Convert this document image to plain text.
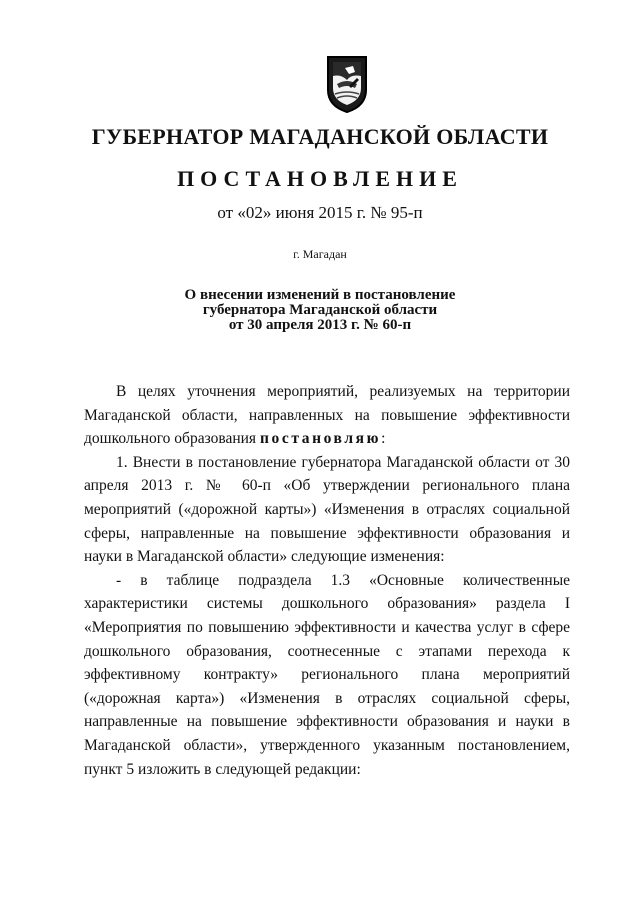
ГУБЕРНАТОР МАГАДАНСКОЙ ОБЛАСТИ
ПОСТАНОВЛЕНИЕ
от «02» июня 2015 г. № 95-п
г. Магадан
О внесении изменений в постановление
губернатора Магаданской области
от 30 апреля 2013 г. № 60-п

В целях уточнения мероприятий, реализуемых на территории Магаданской области, направленных на повышение эффективности дошкольного образования постановляю:

1. Внести в постановление губернатора Магаданской области от 30 апреля 2013 г. № 60-п «Об утверждении регионального плана мероприятий («дорожной карты») «Изменения в отраслях социальной сферы, направленные на повышение эффективности образования и науки в Магаданской области» следующие изменения:

- в таблице подраздела 1.3 «Основные количественные характеристики системы дошкольного образования» раздела I «Мероприятия по повышению эффективности и качества услуг в сфере дошкольного образования, соотнесенные с этапами перехода к эффективному контракту» регионального плана мероприятий («дорожная карта») «Изменения в отраслях социальной сферы, направленные на повышение эффективности образования и науки в Магаданской области», утвержденного указанным постановлением, пункт 5 изложить в следующей редакции:
